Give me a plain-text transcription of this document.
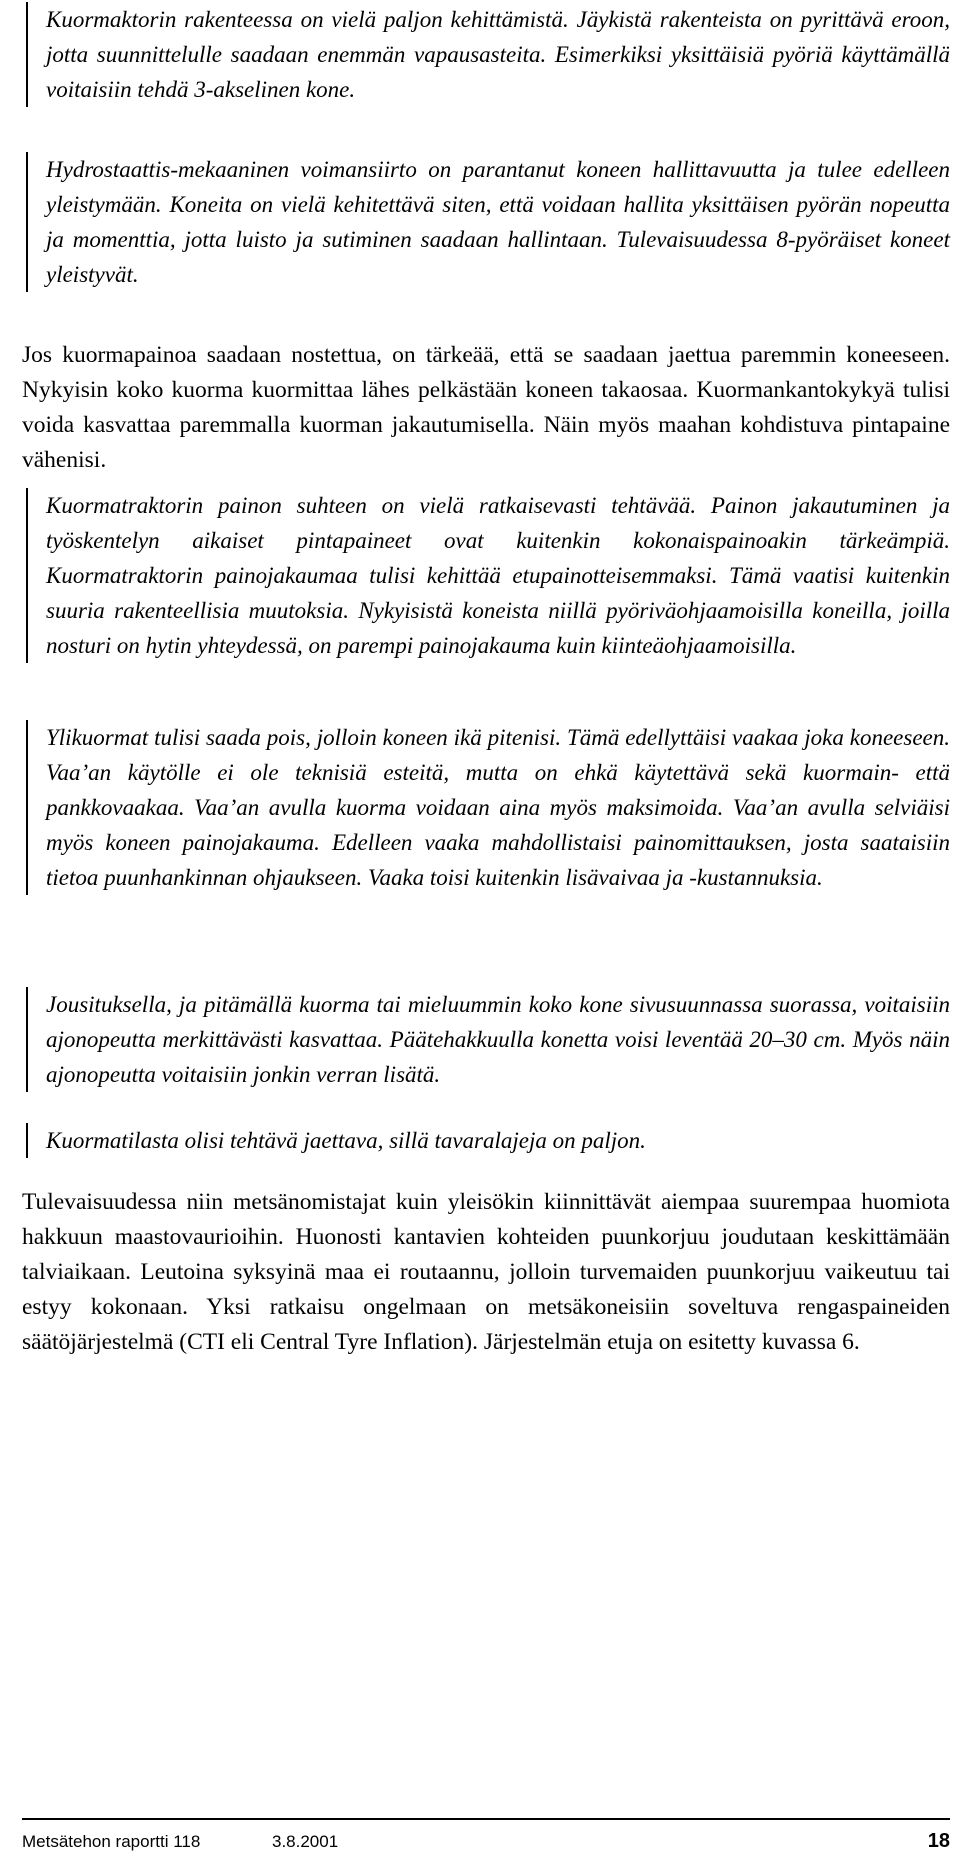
Kuormaktorin rakenteessa on vielä paljon kehittämistä. Jäykistä rakenteista on pyrittävä eroon, jotta suunnittelulle saadaan enemmän vapausasteita. Esimerkiksi yksittäisiä pyöriä käyttämällä voitaisiin tehdä 3-akselinen kone.

Hydrostaattis-mekaaninen voimansiirto on parantanut koneen hallittavuutta ja tulee edelleen yleistymään. Koneita on vielä kehitettävä siten, että voidaan hallita yksittäisen pyörän nopeutta ja momenttia, jotta luisto ja sutiminen saadaan hallintaan. Tulevaisuudessa 8-pyöräiset koneet yleistyvät.

Jos kuormapainoa saadaan nostettua, on tärkeää, että se saadaan jaettua paremmin koneeseen. Nykyisin koko kuorma kuormittaa lähes pelkästään koneen takaosaa. Kuormankantokykyä tulisi voida kasvattaa paremmalla kuorman jakautumisella. Näin myös maahan kohdistuva pintapaine vähenisi.

Kuormatraktorin painon suhteen on vielä ratkaisevasti tehtävää. Painon jakautuminen ja työskentelyn aikaiset pintapaineet ovat kuitenkin kokonaispainoakin tärkeämpiä. Kuormatraktorin painojakaumaa tulisi kehittää etupainotteisemmaksi. Tämä vaatisi kuitenkin suuria rakenteellisia muutoksia. Nykyisistä koneista niillä pyöriväohjaamoisilla koneilla, joilla nosturi on hytin yhteydessä, on parempi painojakauma kuin kiinteäohjaamoisilla.

Ylikuormat tulisi saada pois, jolloin koneen ikä pitenisi. Tämä edellyttäisi vaakaa joka koneeseen. Vaa’an käytölle ei ole teknisiä esteitä, mutta on ehkä käytettävä sekä kuormain- että pankkovaakaa. Vaa’an avulla kuorma voidaan aina myös maksimoida. Vaa’an avulla selviäisi myös koneen painojakauma. Edelleen vaaka mahdollistaisi painomittauksen, josta saataisiin tietoa puunhankinnan ohjaukseen. Vaaka toisi kuitenkin lisävaivaa ja -kustannuksia.

Jousituksella, ja pitämällä kuorma tai mieluummin koko kone sivusuunnassa suorassa, voitaisiin ajonopeutta merkittävästi kasvattaa. Päätehakkuulla konetta voisi leventää 20–30 cm. Myös näin ajonopeutta voitaisiin jonkin verran lisätä.

Kuormatilasta olisi tehtävä jaettava, sillä tavaralajeja on paljon.

Tulevaisuudessa niin metsänomistajat kuin yleisökin kiinnittävät aiempaa suurempaa huomiota hakkuun maastovaurioihin. Huonosti kantavien kohteiden puunkorjuu joudutaan keskittämään talviaikaan. Leutoina syksyinä maa ei routaannu, jolloin turvemaiden puunkorjuu vaikeutuu tai estyy kokonaan. Yksi ratkaisu ongelmaan on metsäkoneisiin soveltuva rengaspaineiden säätöjärjestelmä (CTI eli Central Tyre Inflation). Järjestelmän etuja on esitetty kuvassa 6.

Metsätehon raportti 118	3.8.2001	18
